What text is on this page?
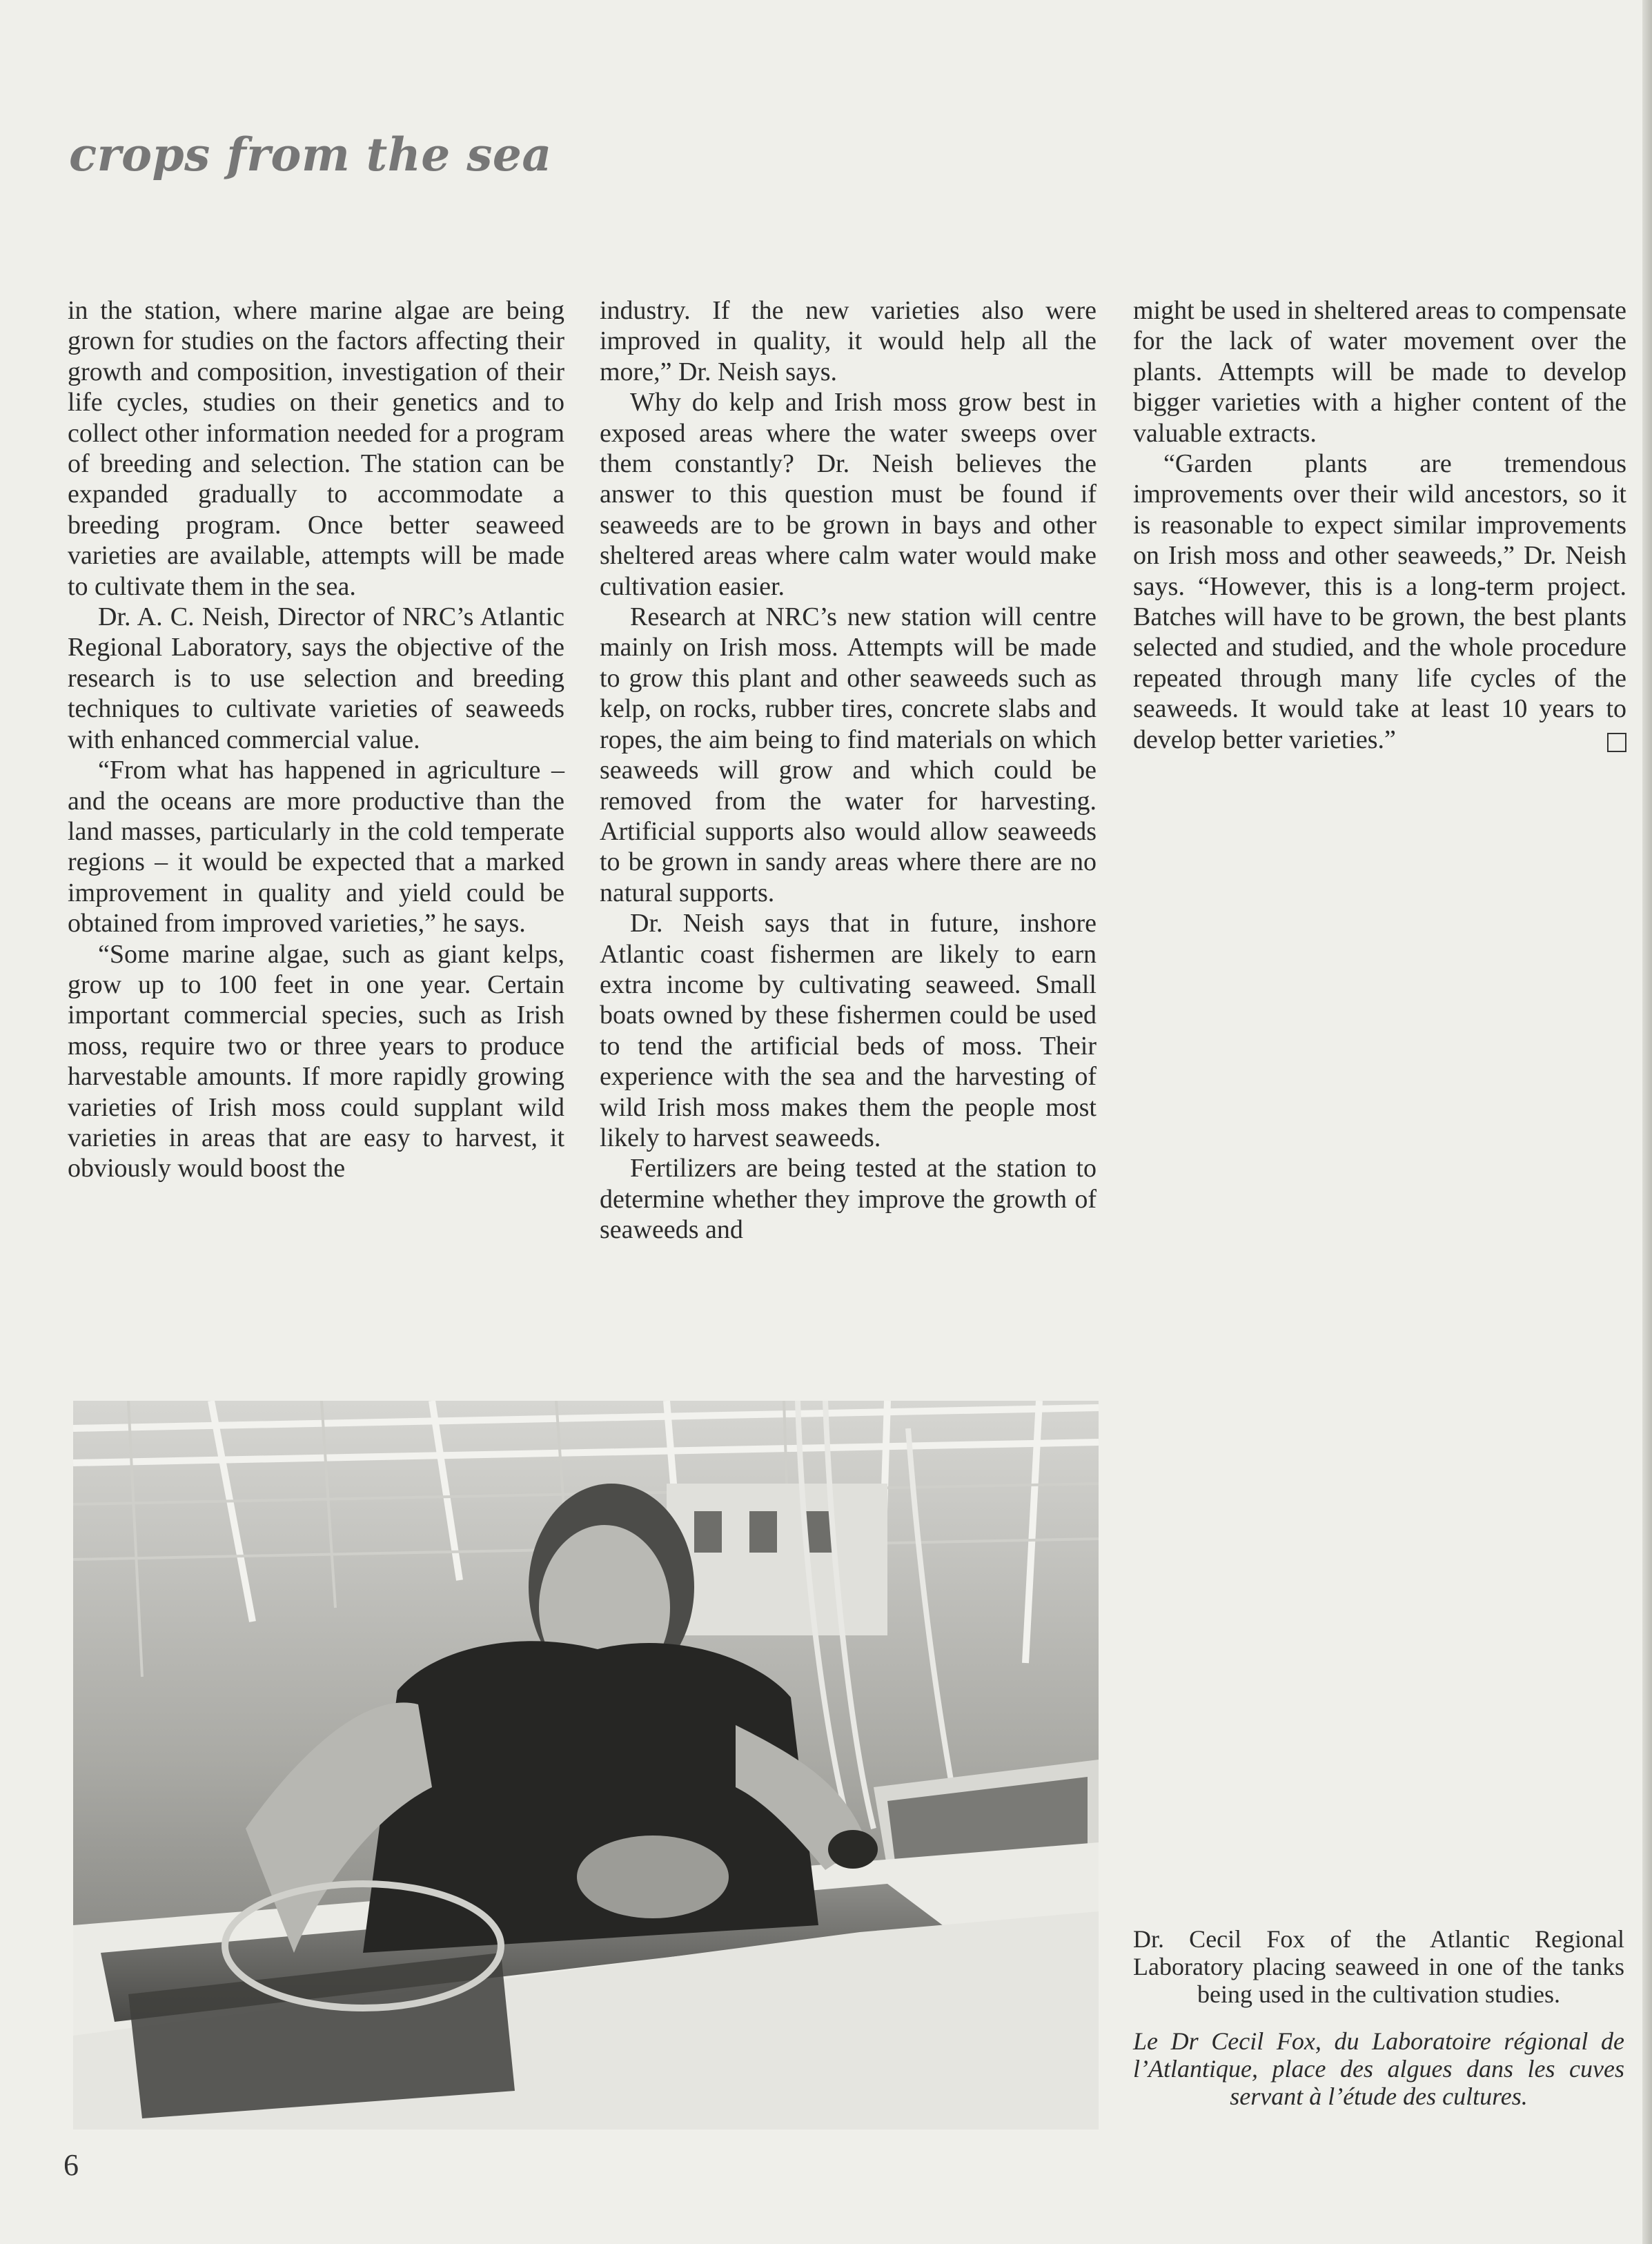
crops from the sea

in the station, where marine algae are being grown for studies on the factors affecting their growth and composition, investigation of their life cycles, studies on their genetics and to collect other information needed for a program of breeding and selection. The station can be expanded gradually to accommodate a breeding program. Once better seaweed varieties are available, attempts will be made to cultivate them in the sea.

Dr. A. C. Neish, Director of NRC’s Atlantic Regional Laboratory, says the objective of the research is to use selection and breeding techniques to cultivate varieties of seaweeds with enhanced commercial value.

“From what has happened in agriculture – and the oceans are more productive than the land masses, particularly in the cold temperate regions – it would be expected that a marked improvement in quality and yield could be obtained from improved varieties,” he says.

“Some marine algae, such as giant kelps, grow up to 100 feet in one year. Certain important commercial species, such as Irish moss, require two or three years to produce harvestable amounts. If more rapidly growing varieties of Irish moss could supplant wild varieties in areas that are easy to harvest, it obviously would boost the

industry. If the new varieties also were improved in quality, it would help all the more,” Dr. Neish says.

Why do kelp and Irish moss grow best in exposed areas where the water sweeps over them constantly? Dr. Neish believes the answer to this question must be found if seaweeds are to be grown in bays and other sheltered areas where calm water would make cultivation easier.

Research at NRC’s new station will centre mainly on Irish moss. Attempts will be made to grow this plant and other seaweeds such as kelp, on rocks, rubber tires, concrete slabs and ropes, the aim being to find materials on which seaweeds will grow and which could be removed from the water for harvesting. Artificial supports also would allow seaweeds to be grown in sandy areas where there are no natural supports.

Dr. Neish says that in future, inshore Atlantic coast fishermen are likely to earn extra income by cultivating seaweed. Small boats owned by these fishermen could be used to tend the artificial beds of moss. Their experience with the sea and the harvesting of wild Irish moss makes them the people most likely to harvest seaweeds.

Fertilizers are being tested at the station to determine whether they improve the growth of seaweeds and

might be used in sheltered areas to compensate for the lack of water movement over the plants. Attempts will be made to develop bigger varieties with a higher content of the valuable extracts.

“Garden plants are tremendous improvements over their wild ancestors, so it is reasonable to expect similar improvements on Irish moss and other seaweeds,” Dr. Neish says. “However, this is a long-term project. Batches will have to be grown, the best plants selected and studied, and the whole procedure repeated through many life cycles of the seaweeds. It would take at least 10 years to develop better varieties.”

Dr. Cecil Fox of the Atlantic Regional Laboratory placing seaweed in one of the tanks being used in the cultivation studies.

Le Dr Cecil Fox, du Laboratoire régional de l’Atlantique, place des algues dans les cuves servant à l’étude des cultures.

6
